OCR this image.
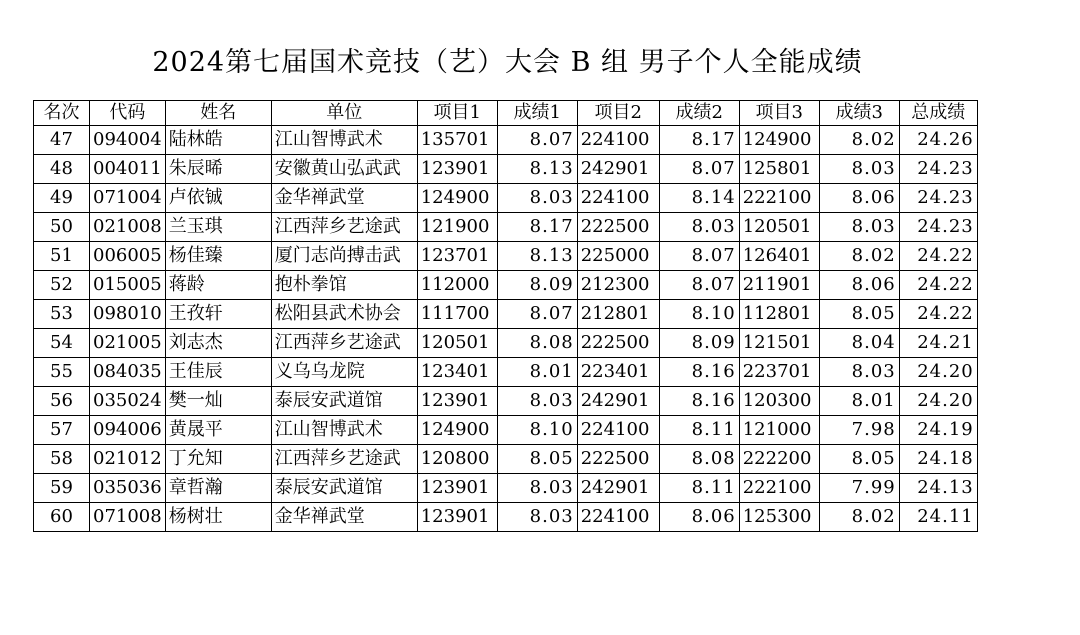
2024第七届国术竞技（艺）大会 B 组 男子个人全能成绩
名次	代码	姓名	单位	项目1	成绩1	项目2	成绩2	项目3	成绩3	总成绩
47	094004	陆林皓	江山智博武术	135701	8.07	224100	8.17	124900	8.02	24.26
48	004011	朱辰晞	安徽黄山弘武武	123901	8.13	242901	8.07	125801	8.03	24.23
49	071004	卢依铖	金华禅武堂	124900	8.03	224100	8.14	222100	8.06	24.23
50	021008	兰玉琪	江西萍乡艺途武	121900	8.17	222500	8.03	120501	8.03	24.23
51	006005	杨佳臻	厦门志尚搏击武	123701	8.13	225000	8.07	126401	8.02	24.22
52	015005	蒋龄	抱朴拳馆	112000	8.09	212300	8.07	211901	8.06	24.22
53	098010	王孜轩	松阳县武术协会	111700	8.07	212801	8.10	112801	8.05	24.22
54	021005	刘志杰	江西萍乡艺途武	120501	8.08	222500	8.09	121501	8.04	24.21
55	084035	王佳辰	义乌乌龙院	123401	8.01	223401	8.16	223701	8.03	24.20
56	035024	樊一灿	泰辰安武道馆	123901	8.03	242901	8.16	120300	8.01	24.20
57	094006	黄晟平	江山智博武术	124900	8.10	224100	8.11	121000	7.98	24.19
58	021012	丁允知	江西萍乡艺途武	120800	8.05	222500	8.08	222200	8.05	24.18
59	035036	章哲瀚	泰辰安武道馆	123901	8.03	242901	8.11	222100	7.99	24.13
60	071008	杨树壮	金华禅武堂	123901	8.03	224100	8.06	125300	8.02	24.11
